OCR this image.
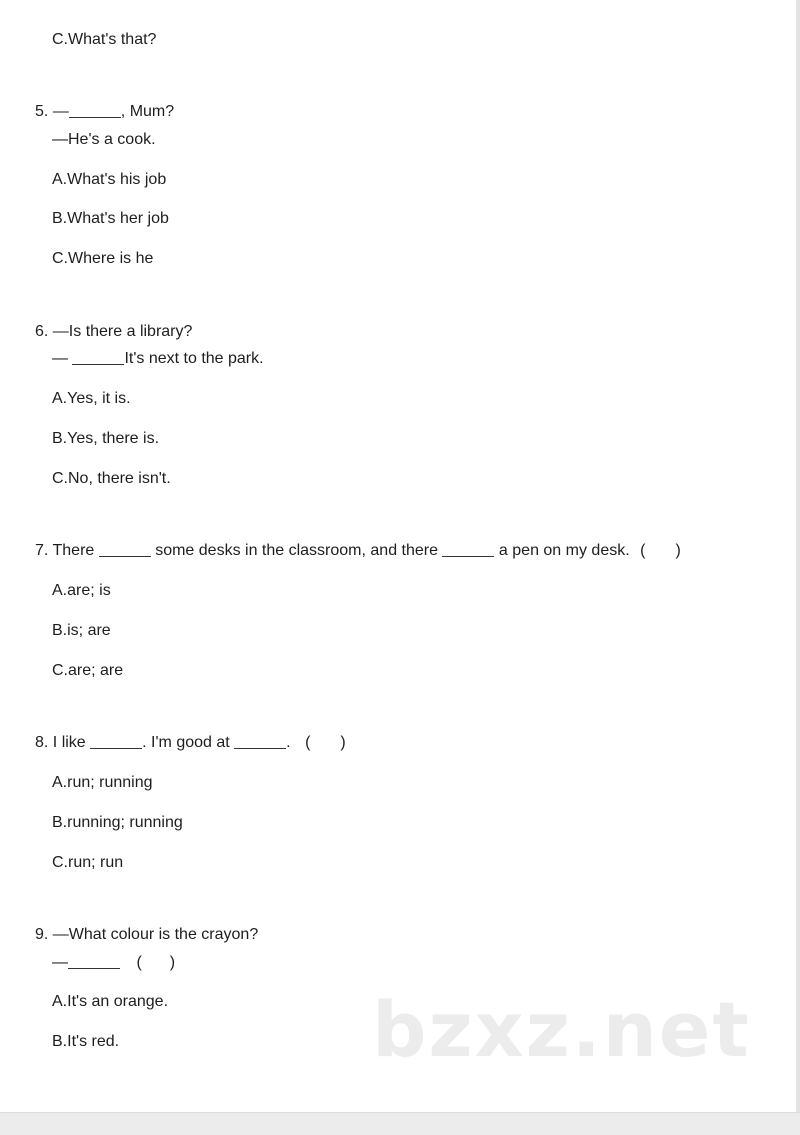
C.What's that?
5. —	, Mum?
—He's a cook.
A.What's his job
B.What's her job
C.Where is he
6. —Is there a library?
—	It's next to the park.
A.Yes, it is.
B.Yes, there is.
C.No, there isn't.
7. There	some desks in the classroom, and there	a pen on my desk. ( )
A.are; is
B.is; are
C.are; are
8. I like	. I'm good at	. ( )
A.run; running
B.running; running
C.run; run
9. —What colour is the crayon?
—	( )
A.It's an orange.
B.It's red.	bzxz.net
